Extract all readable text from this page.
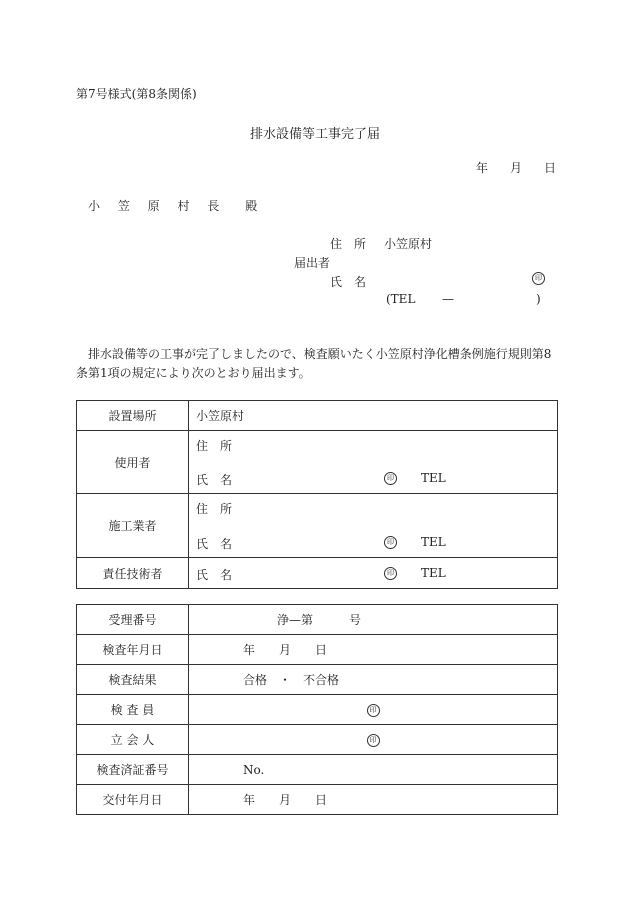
第7号様式(第8条関係)
排水設備等工事完了届
年 月 日
小 笠 原 村 長　殿
住　所 小笠原村
届出者
氏　名	印
(TEL —	)
排水設備等の工事が完了しましたので、検査願いたく小笠原村浄化槽条例施行規則第8条第1項の規定により次のとおり届出ます。
設置場所	小笠原村
使用者	住　所
氏　名 印 TEL

施工業者	住　所
氏　名 印 TEL

責任技術者	氏　名 印 TEL
受理番号	浄—第　　　号
検査年月日	年　　月　　日
検査結果	合格　・　不合格
検 査 員	印
立 会 人	印
検査済証番号	No.
交付年月日	年　　月　　日
